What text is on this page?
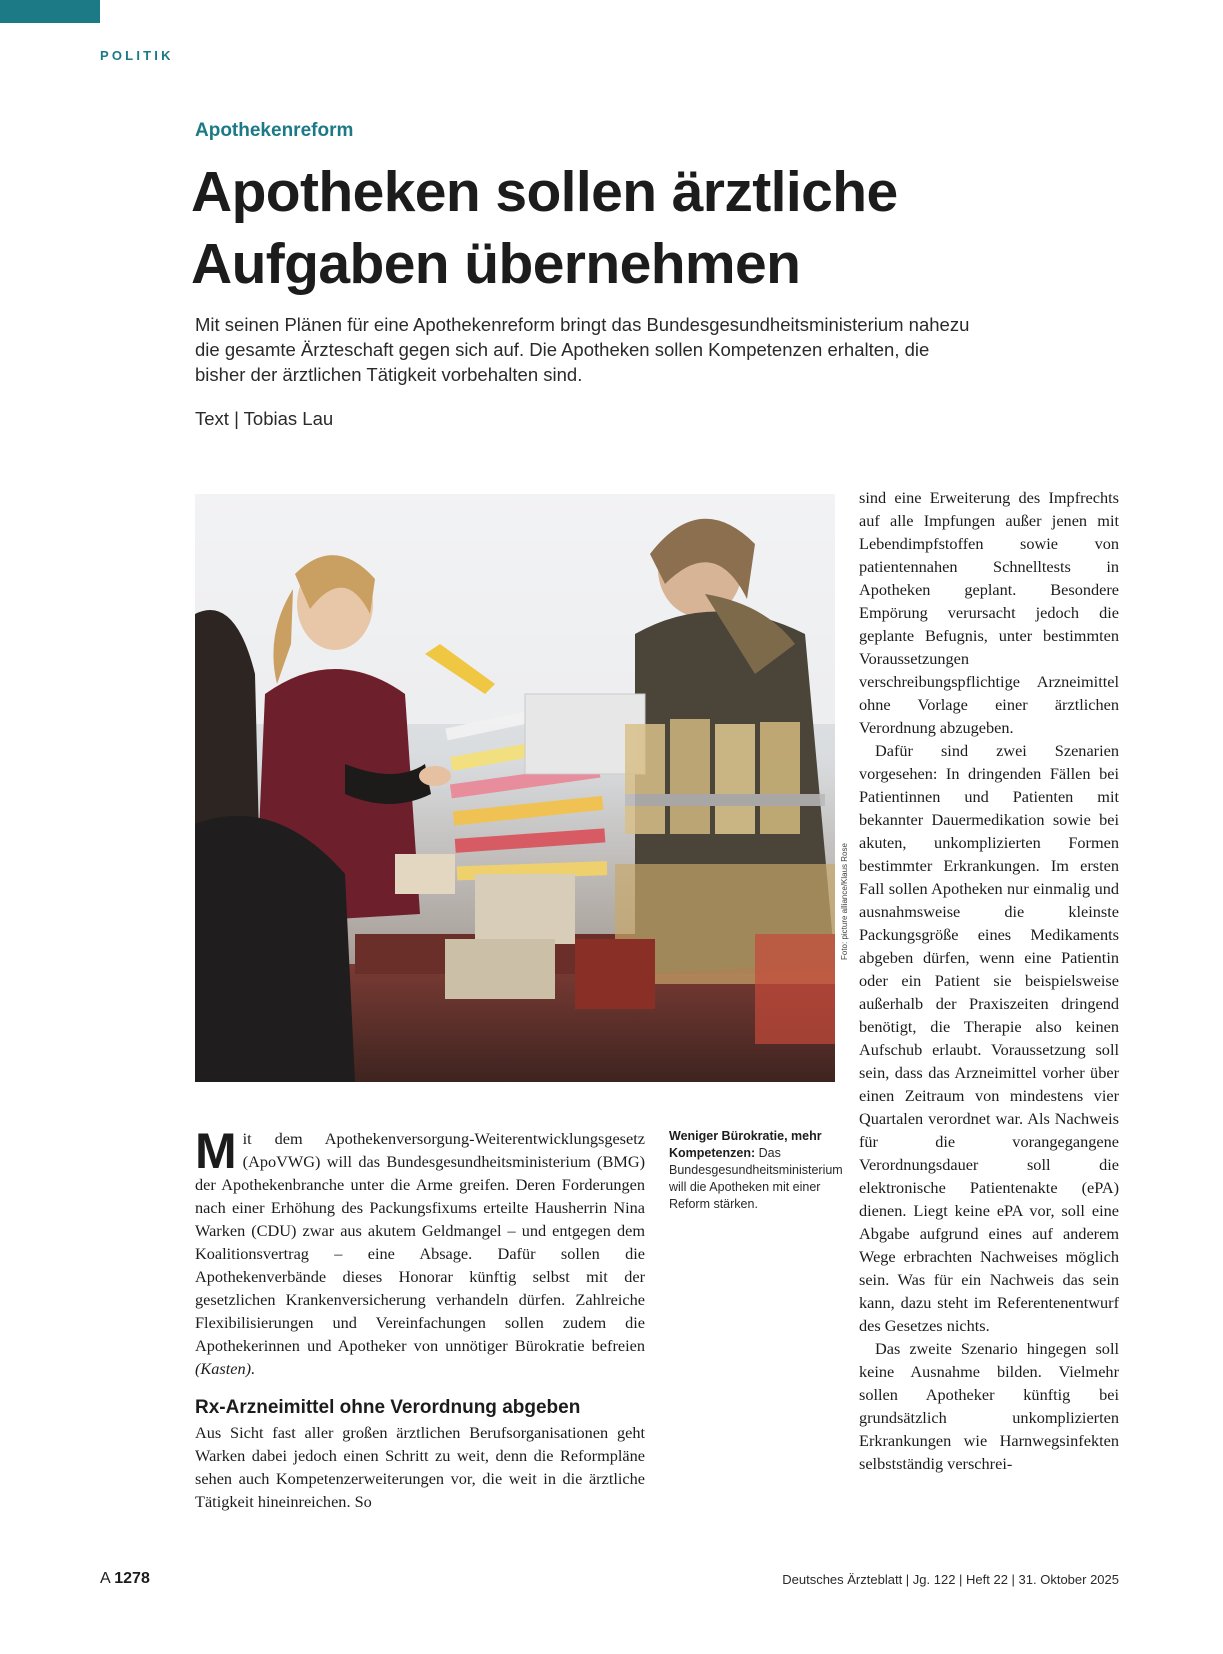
POLITIK
Apothekenreform
Apotheken sollen ärztliche
Aufgaben übernehmen
Mit seinen Plänen für eine Apothekenreform bringt das Bundesgesundheitsministerium nahezu die gesamte Ärzteschaft gegen sich auf. Die Apotheken sollen Kompetenzen erhalten, die bisher der ärztlichen Tätigkeit vorbehalten sind.
Text | Tobias Lau
Foto: picture alliance/Klaus Rose
Weniger Bürokratie, mehr Kompetenzen: Das Bundesgesundheitsministerium will die Apotheken mit einer Reform stärken.

Mit dem Apothekenversorgung-Weiterentwicklungsgesetz (ApoVWG) will das Bundesgesundheitsministerium (BMG) der Apothekenbranche unter die Arme greifen. Deren Forderungen nach einer Erhöhung des Packungsfixums erteilte Hausherrin Nina Warken (CDU) zwar aus akutem Geldmangel – und entgegen dem Koalitionsvertrag – eine Absage. Dafür sollen die Apothekenverbände dieses Honorar künftig selbst mit der gesetzlichen Krankenversicherung verhandeln dürfen. Zahlreiche Flexibilisierungen und Vereinfachungen sollen zudem die Apothekerinnen und Apotheker von unnötiger Bürokratie befreien (Kasten).

Rx-Arzneimittel ohne Verordnung abgeben

Aus Sicht fast aller großen ärztlichen Berufsorganisationen geht Warken dabei jedoch einen Schritt zu weit, denn die Reformpläne sehen auch Kompetenzerweiterungen vor, die weit in die ärztliche Tätigkeit hineinreichen. So

sind eine Erweiterung des Impfrechts auf alle Impfungen außer jenen mit Lebendimpfstoffen sowie von patientennahen Schnelltests in Apotheken geplant. Besondere Empörung verursacht jedoch die geplante Befugnis, unter bestimmten Voraussetzungen verschreibungspflichtige Arzneimittel ohne Vorlage einer ärztlichen Verordnung abzugeben.

Dafür sind zwei Szenarien vorgesehen: In dringenden Fällen bei Patientinnen und Patienten mit bekannter Dauermedikation sowie bei akuten, unkomplizierten Formen bestimmter Erkrankungen. Im ersten Fall sollen Apotheken nur einmalig und ausnahmsweise die kleinste Packungsgröße eines Medikaments abgeben dürfen, wenn eine Patientin oder ein Patient sie beispielsweise außerhalb der Praxiszeiten dringend benötigt, die Therapie also keinen Aufschub erlaubt. Voraussetzung soll sein, dass das Arzneimittel vorher über einen Zeitraum von mindestens vier Quartalen verordnet war. Als Nachweis für die vorangegangene Verordnungsdauer soll die elektronische Patientenakte (ePA) dienen. Liegt keine ePA vor, soll eine Abgabe aufgrund eines auf anderem Wege erbrachten Nachweises möglich sein. Was für ein Nachweis das sein kann, dazu steht im Referentenentwurf des Gesetzes nichts.

Das zweite Szenario hingegen soll keine Ausnahme bilden. Vielmehr sollen Apotheker künftig bei grundsätzlich unkomplizierten Erkrankungen wie Harnwegsinfekten selbstständig verschrei-

A 1278	Deutsches Ärzteblatt | Jg. 122 | Heft 22 | 31. Oktober 2025
